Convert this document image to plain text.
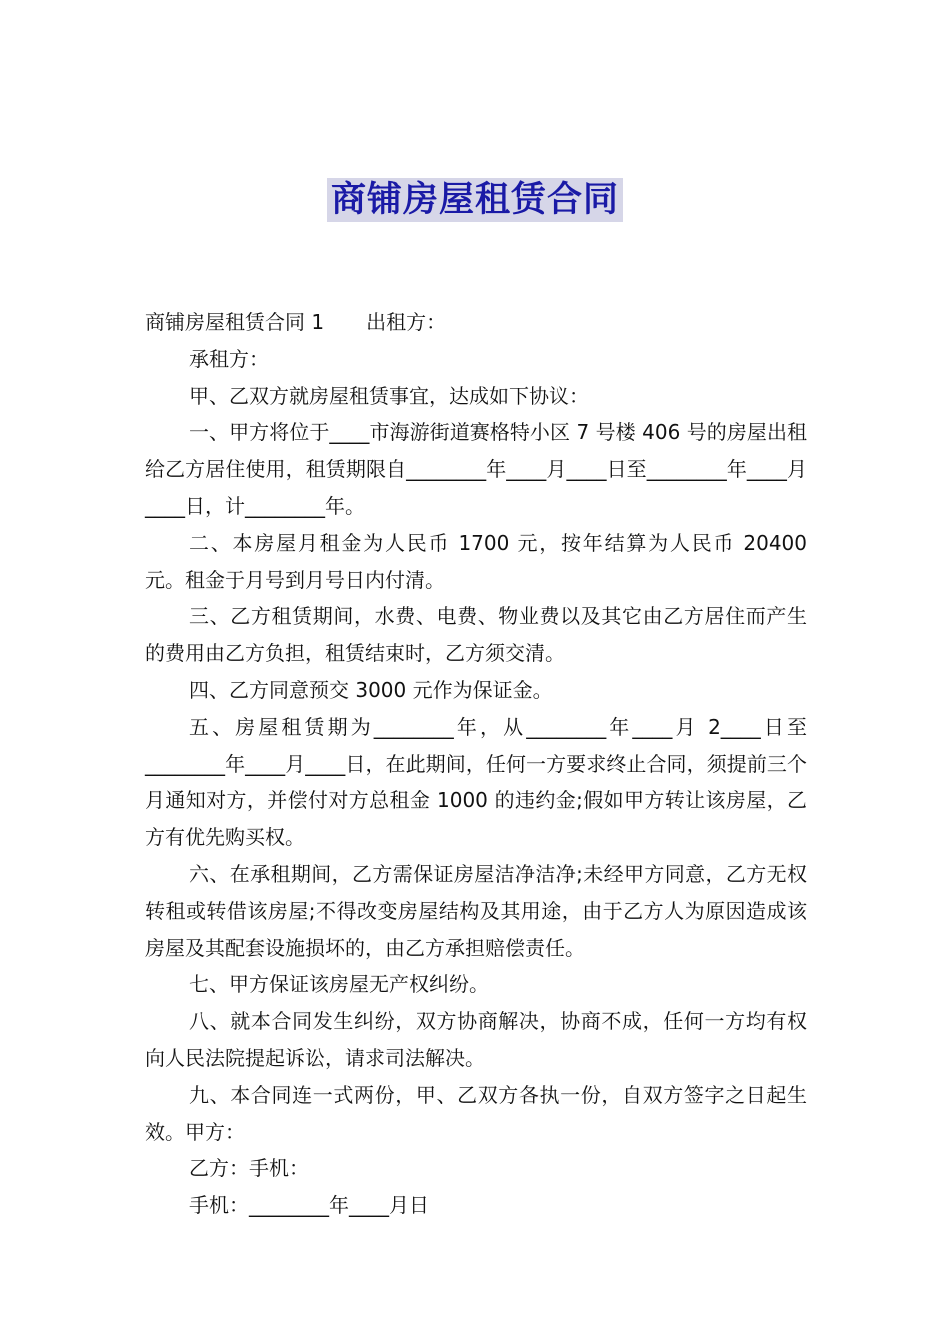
商铺房屋租赁合同

商铺房屋租赁合同 1 出租方：

承租方：

甲、乙双方就房屋租赁事宜，达成如下协议：

一、甲方将位于____市海游街道赛格特小区 7 号楼 406 号的房屋出租给乙方居住使用，租赁期限自________年____月____日至________年____月____日，计________年。

二、本房屋月租金为人民币 1700 元，按年结算为人民币 20400 元。租金于月号到月号日内付清。

三、乙方租赁期间，水费、电费、物业费以及其它由乙方居住而产生的费用由乙方负担，租赁结束时，乙方须交清。

四、乙方同意预交 3000 元作为保证金。

五、房屋租赁期为________年，从________年____月 2____日至________年____月____日，在此期间，任何一方要求终止合同，须提前三个月通知对方，并偿付对方总租金 1000 的违约金;假如甲方转让该房屋，乙方有优先购买权。

六、在承租期间，乙方需保证房屋洁净洁净;未经甲方同意，乙方无权转租或转借该房屋;不得改变房屋结构及其用途，由于乙方人为原因造成该房屋及其配套设施损坏的，由乙方承担赔偿责任。

七、甲方保证该房屋无产权纠纷。

八、就本合同发生纠纷，双方协商解决，协商不成，任何一方均有权向人民法院提起诉讼，请求司法解决。

九、本合同连一式两份，甲、乙双方各执一份，自双方签字之日起生效。甲方：

乙方：手机：

手机：________年____月日
